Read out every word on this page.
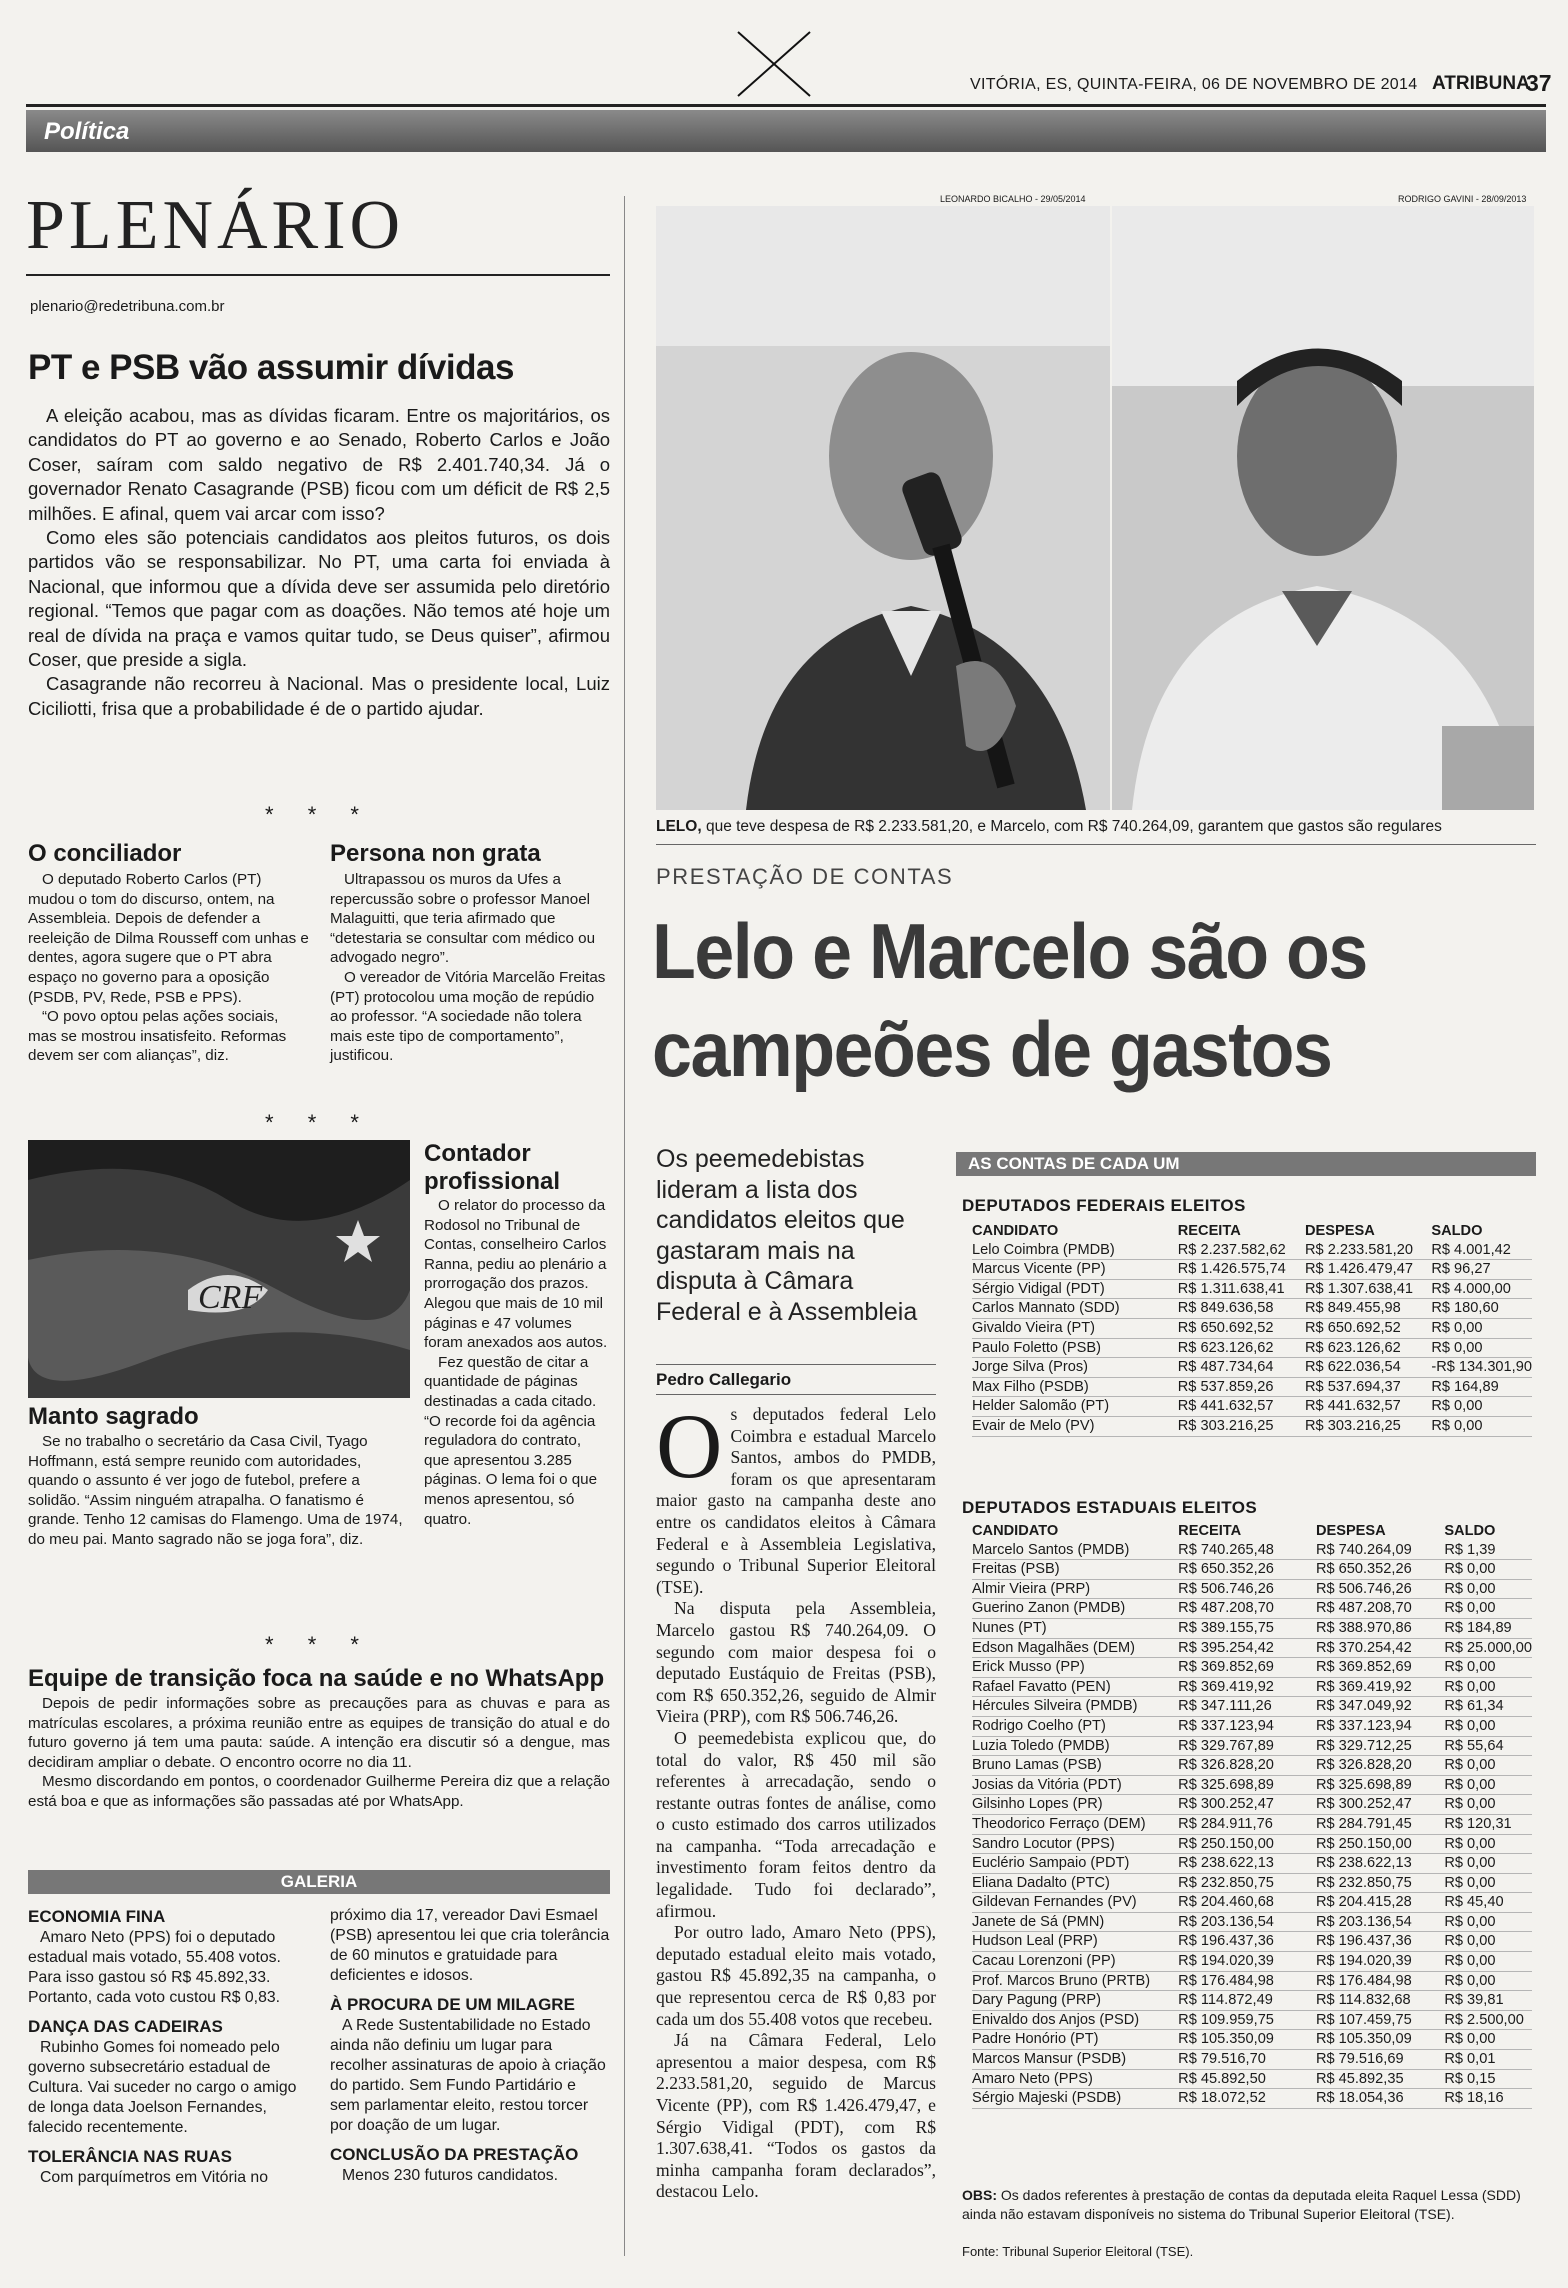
VITÓRIA, ES, QUINTA-FEIRA, 06 DE NOVEMBRO DE 2014 ATRIBUNA
37
Política
PLENÁRIO
plenario@redetribuna.com.br
PT e PSB vão assumir dívidas

A eleição acabou, mas as dívidas ficaram. Entre os majoritários, os candidatos do PT ao governo e ao Senado, Roberto Carlos e João Coser, saíram com saldo negativo de R$ 2.401.740,34. Já o governador Renato Casagrande (PSB) ficou com um déficit de R$ 2,5 milhões. E afinal, quem vai arcar com isso?

Como eles são potenciais candidatos aos pleitos futuros, os dois partidos vão se responsabilizar. No PT, uma carta foi enviada à Nacional, que informou que a dívida deve ser assumida pelo diretório regional. “Temos que pagar com as doações. Não temos até hoje um real de dívida na praça e vamos quitar tudo, se Deus quiser”, afirmou Coser, que preside a sigla.

Casagrande não recorreu à Nacional. Mas o presidente local, Luiz Ciciliotti, frisa que a probabilidade é de o partido ajudar.

* * *
O conciliador

O deputado Roberto Carlos (PT) mudou o tom do discurso, ontem, na Assembleia. Depois de defender a reeleição de Dilma Rousseff com unhas e dentes, agora sugere que o PT abra espaço no governo para a oposição (PSDB, PV, Rede, PSB e PPS).

“O povo optou pelas ações sociais, mas se mostrou insatisfeito. Reformas devem ser com alianças”, diz.

Persona non grata

Ultrapassou os muros da Ufes a repercussão sobre o professor Manoel Malaguitti, que teria afirmado que “detestaria se consultar com médico ou advogado negro”.

O vereador de Vitória Marcelão Freitas (PT) protocolou uma moção de repúdio ao professor. “A sociedade não tolera mais este tipo de comportamento”, justificou.

* * *
CRF
Manto sagrado

Se no trabalho o secretário da Casa Civil, Tyago Hoffmann, está sempre reunido com autoridades, quando o assunto é ver jogo de futebol, prefere a solidão. “Assim ninguém atrapalha. O fanatismo é grande. Tenho 12 camisas do Flamengo. Uma de 1974, do meu pai. Manto sagrado não se joga fora”, diz.

Contador profissional

O relator do processo da Rodosol no Tribunal de Contas, conselheiro Carlos Ranna, pediu ao plenário a prorrogação dos prazos. Alegou que mais de 10 mil páginas e 47 volumes foram anexados aos autos.

Fez questão de citar a quantidade de páginas destinadas a cada citado. “O recorde foi da agência reguladora do contrato, que apresentou 3.285 páginas. O lema foi o que menos apresentou, só quatro.

* * *
Equipe de transição foca na saúde e no WhatsApp

Depois de pedir informações sobre as precauções para as chuvas e para as matrículas escolares, a próxima reunião entre as equipes de transição do atual e do futuro governo já tem uma pauta: saúde. A intenção era discutir só a dengue, mas decidiram ampliar o debate. O encontro ocorre no dia 11.

Mesmo discordando em pontos, o coordenador Guilherme Pereira diz que a relação está boa e que as informações são passadas até por WhatsApp.

GALERIA
ECONOMIA FINA

Amaro Neto (PPS) foi o deputado estadual mais votado, 55.408 votos. Para isso gastou só R$ 45.892,33. Portanto, cada voto custou R$ 0,83.

DANÇA DAS CADEIRAS

Rubinho Gomes foi nomeado pelo governo subsecretário estadual de Cultura. Vai suceder no cargo o amigo de longa data Joelson Fernandes, falecido recentemente.

TOLERÂNCIA NAS RUAS

Com parquímetros em Vitória no

próximo dia 17, vereador Davi Esmael (PSB) apresentou lei que cria tolerância de 60 minutos e gratuidade para deficientes e idosos.

À PROCURA DE UM MILAGRE

A Rede Sustentabilidade no Estado ainda não definiu um lugar para recolher assinaturas de apoio à criação do partido. Sem Fundo Partidário e sem parlamentar eleito, restou torcer por doação de um lugar.

CONCLUSÃO DA PRESTAÇÃO

Menos 230 futuros candidatos.

LEONARDO BICALHO - 29/05/2014	RODRIGO GAVINI - 28/09/2013
LELO, que teve despesa de R$ 2.233.581,20, e Marcelo, com R$ 740.264,09, garantem que gastos são regulares
PRESTAÇÃO DE CONTAS
Lelo e Marcelo são os
campeões de gastos
Os peemedebistas lideram a lista dos candidatos eleitos que gastaram mais na disputa à Câmara Federal e à Assembleia
Pedro Callegario
O s deputados federal Lelo Coimbra e estadual Marcelo Santos, ambos do PMDB, foram os que apresentaram maior gasto na campanha deste ano entre os candidatos eleitos à Câmara Federal e à Assembleia Legislativa, segundo o Tribunal Superior Eleitoral (TSE).

Na disputa pela Assembleia, Marcelo gastou R$ 740.264,09. O segundo com maior despesa foi o deputado Eustáquio de Freitas (PSB), com R$ 650.352,26, seguido de Almir Vieira (PRP), com R$ 506.746,26.

O peemedebista explicou que, do total do valor, R$ 450 mil são referentes à arrecadação, sendo o restante outras fontes de análise, como o custo estimado dos carros utilizados na campanha. “Toda arrecadação e investimento foram feitos dentro da legalidade. Tudo foi declarado”, afirmou.

Por outro lado, Amaro Neto (PPS), deputado estadual eleito mais votado, gastou R$ 45.892,35 na campanha, o que representou cerca de R$ 0,83 por cada um dos 55.408 votos que recebeu.

Já na Câmara Federal, Lelo apresentou a maior despesa, com R$ 2.233.581,20, seguido de Marcus Vicente (PP), com R$ 1.426.479,47, e Sérgio Vidigal (PDT), com R$ 1.307.638,41. “Todos os gastos da minha campanha foram declarados”, destacou Lelo.

AS CONTAS DE CADA UM
DEPUTADOS FEDERAIS ELEITOS
CANDIDATO	RECEITA	DESPESA	SALDO
Lelo Coimbra (PMDB)	R$ 2.237.582,62	R$ 2.233.581,20	R$ 4.001,42
Marcus Vicente (PP)	R$ 1.426.575,74	R$ 1.426.479,47	R$ 96,27
Sérgio Vidigal (PDT)	R$ 1.311.638,41	R$ 1.307.638,41	R$ 4.000,00
Carlos Mannato (SDD)	R$ 849.636,58	R$ 849.455,98	R$ 180,60
Givaldo Vieira (PT)	R$ 650.692,52	R$ 650.692,52	R$ 0,00
Paulo Foletto (PSB)	R$ 623.126,62	R$ 623.126,62	R$ 0,00
Jorge Silva (Pros)	R$ 487.734,64	R$ 622.036,54	-R$ 134.301,90
Max Filho (PSDB)	R$ 537.859,26	R$ 537.694,37	R$ 164,89
Helder Salomão (PT)	R$ 441.632,57	R$ 441.632,57	R$ 0,00
Evair de Melo (PV)	R$ 303.216,25	R$ 303.216,25	R$ 0,00
DEPUTADOS ESTADUAIS ELEITOS
CANDIDATO	RECEITA	DESPESA	SALDO
Marcelo Santos (PMDB)	R$ 740.265,48	R$ 740.264,09	R$ 1,39
Freitas (PSB)	R$ 650.352,26	R$ 650.352,26	R$ 0,00
Almir Vieira (PRP)	R$ 506.746,26	R$ 506.746,26	R$ 0,00
Guerino Zanon (PMDB)	R$ 487.208,70	R$ 487.208,70	R$ 0,00
Nunes (PT)	R$ 389.155,75	R$ 388.970,86	R$ 184,89
Edson Magalhães (DEM)	R$ 395.254,42	R$ 370.254,42	R$ 25.000,00
Erick Musso (PP)	R$ 369.852,69	R$ 369.852,69	R$ 0,00
Rafael Favatto (PEN)	R$ 369.419,92	R$ 369.419,92	R$ 0,00
Hércules Silveira (PMDB)	R$ 347.111,26	R$ 347.049,92	R$ 61,34
Rodrigo Coelho (PT)	R$ 337.123,94	R$ 337.123,94	R$ 0,00
Luzia Toledo (PMDB)	R$ 329.767,89	R$ 329.712,25	R$ 55,64
Bruno Lamas (PSB)	R$ 326.828,20	R$ 326.828,20	R$ 0,00
Josias da Vitória (PDT)	R$ 325.698,89	R$ 325.698,89	R$ 0,00
Gilsinho Lopes (PR)	R$ 300.252,47	R$ 300.252,47	R$ 0,00
Theodorico Ferraço (DEM)	R$ 284.911,76	R$ 284.791,45	R$ 120,31
Sandro Locutor (PPS)	R$ 250.150,00	R$ 250.150,00	R$ 0,00
Euclério Sampaio (PDT)	R$ 238.622,13	R$ 238.622,13	R$ 0,00
Eliana Dadalto (PTC)	R$ 232.850,75	R$ 232.850,75	R$ 0,00
Gildevan Fernandes (PV)	R$ 204.460,68	R$ 204.415,28	R$ 45,40
Janete de Sá (PMN)	R$ 203.136,54	R$ 203.136,54	R$ 0,00
Hudson Leal (PRP)	R$ 196.437,36	R$ 196.437,36	R$ 0,00
Cacau Lorenzoni (PP)	R$ 194.020,39	R$ 194.020,39	R$ 0,00
Prof. Marcos Bruno (PRTB)	R$ 176.484,98	R$ 176.484,98	R$ 0,00
Dary Pagung (PRP)	R$ 114.872,49	R$ 114.832,68	R$ 39,81
Enivaldo dos Anjos (PSD)	R$ 109.959,75	R$ 107.459,75	R$ 2.500,00
Padre Honório (PT)	R$ 105.350,09	R$ 105.350,09	R$ 0,00
Marcos Mansur (PSDB)	R$ 79.516,70	R$ 79.516,69	R$ 0,01
Amaro Neto (PPS)	R$ 45.892,50	R$ 45.892,35	R$ 0,15
Sérgio Majeski (PSDB)	R$ 18.072,52	R$ 18.054,36	R$ 18,16
OBS: Os dados referentes à prestação de contas da deputada eleita Raquel Lessa (SDD) ainda não estavam disponíveis no sistema do Tribunal Superior Eleitoral (TSE).
Fonte: Tribunal Superior Eleitoral (TSE).
